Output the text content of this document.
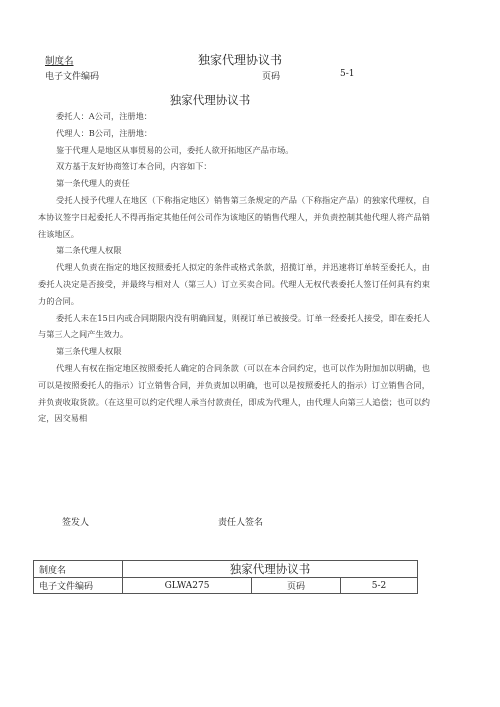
制度名	独家代理协议书
电子文件编码	页码	5-1
独家代理协议书

委托人：A公司，注册地：

代理人：B公司，注册地：

鉴于代理人是地区从事贸易的公司，委托人欲开拓地区产品市场。

双方基于友好协商签订本合同，内容如下：

第一条代理人的责任

受托人授予代理人在地区（下称指定地区）销售第三条规定的产品（下称指定产品）的独家代理权，自本协议签字日起委托人不得再指定其他任何公司作为该地区的销售代理人，并负责控制其他代理人将产品销往该地区。

第二条代理人权限

代理人负责在指定的地区按照委托人拟定的条件或格式条款，招揽订单，并迅速将订单转至委托人，由委托人决定是否接受，并最终与相对人（第三人）订立买卖合同。代理人无权代表委托人签订任何具有约束力的合同。

委托人未在15日内或合同期限内没有明确回复，则视订单已被接受。订单一经委托人接受，即在委托人与第三人之间产生效力。

第三条代理人权限

代理人有权在指定地区按照委托人确定的合同条款（可以在本合同约定，也可以作为附加加以明确，也可以是按照委托人的指示）订立销售合同，并负责加以明确，也可以是按照委托人的指示）订立销售合同，并负责收取货款。（在这里可以约定代理人承当付款责任，即成为代理人，由代理人向第三人追偿；也可以约定，因交易相

签发人	责任人签名
制度名	独家代理协议书		
电子文件编码	GLWA275	页码	5-2
